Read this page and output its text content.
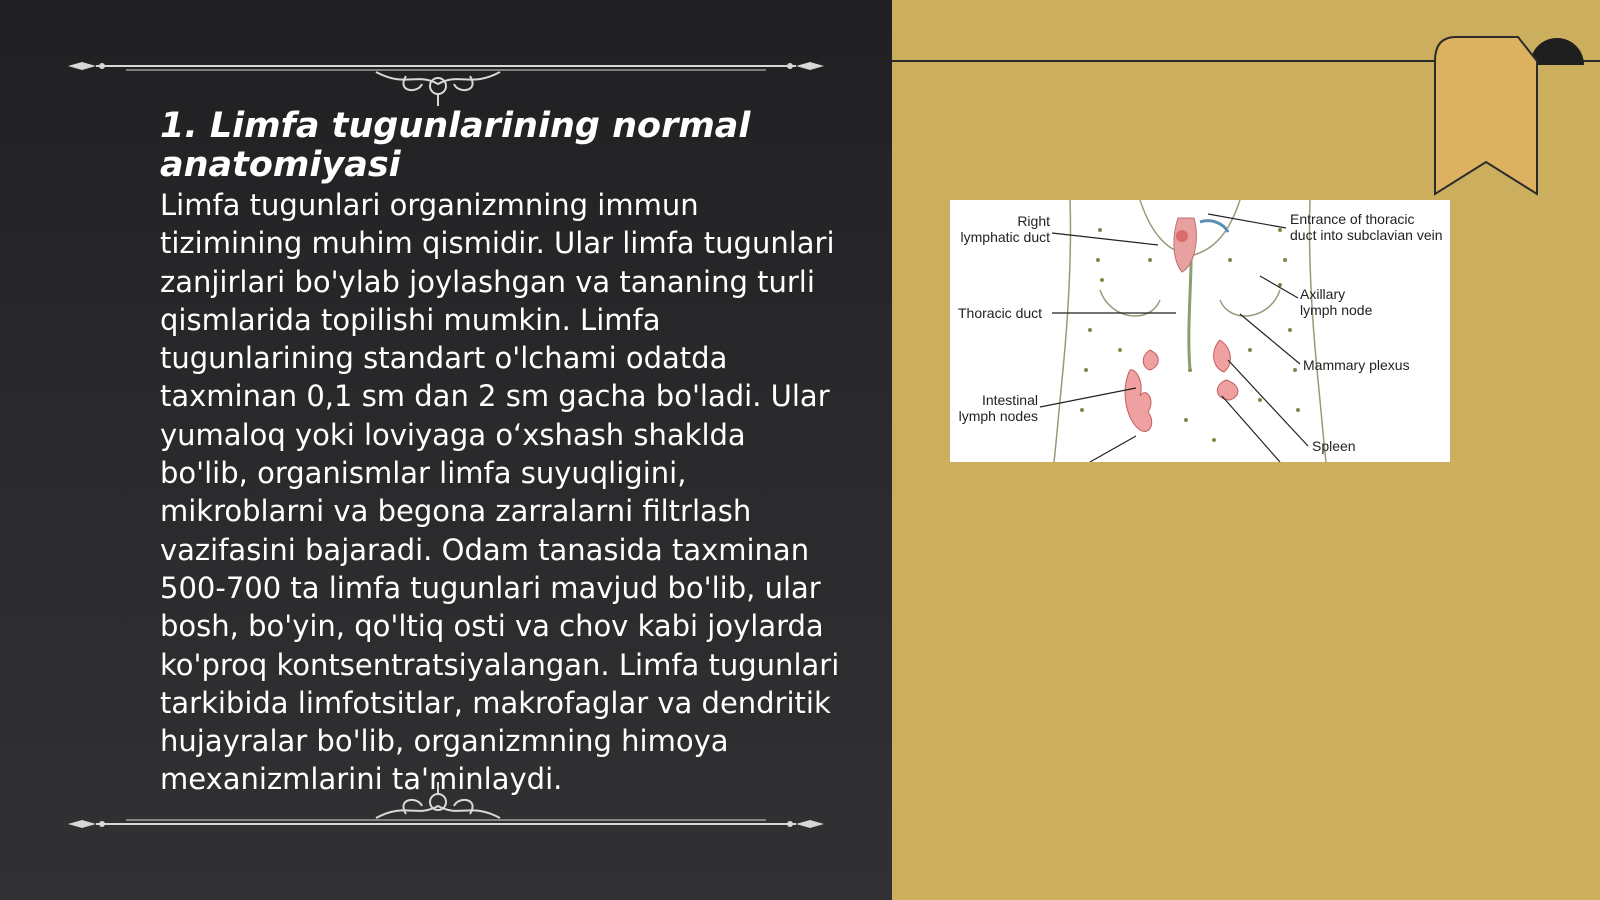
1. Limfa tugunlarining normal anatomiyasi

Limfa tugunlari organizmning immun tizimining muhim qismidir. Ular limfa tugunlari zanjirlari bo'ylab joylashgan va tananing turli qismlarida topilishi mumkin. Limfa tugunlarining standart o'lchami odatda taxminan 0,1 sm dan 2 sm gacha bo'ladi. Ular yumaloq yoki loviyaga o‘xshash shaklda bo'lib, organismlar limfa suyuqligini, mikroblarni va begona zarralarni filtrlash vazifasini bajaradi. Odam tanasida taxminan 500-700 ta limfa tugunlari mavjud bo'lib, ular bosh, bo'yin, qo'ltiq osti va chov kabi joylarda ko'proq kontsentratsiyalangan. Limfa tugunlari tarkibida limfotsitlar, makrofaglar va dendritik hujayralar bo'lib, organizmning himoya mexanizmlarini ta'minlaydi.

Right
lymphatic duct
Thoracic duct
Intestinal
lymph nodes
Entrance of thoracic
duct into subclavian vein
Axillary
lymph node
Mammary plexus
Spleen
